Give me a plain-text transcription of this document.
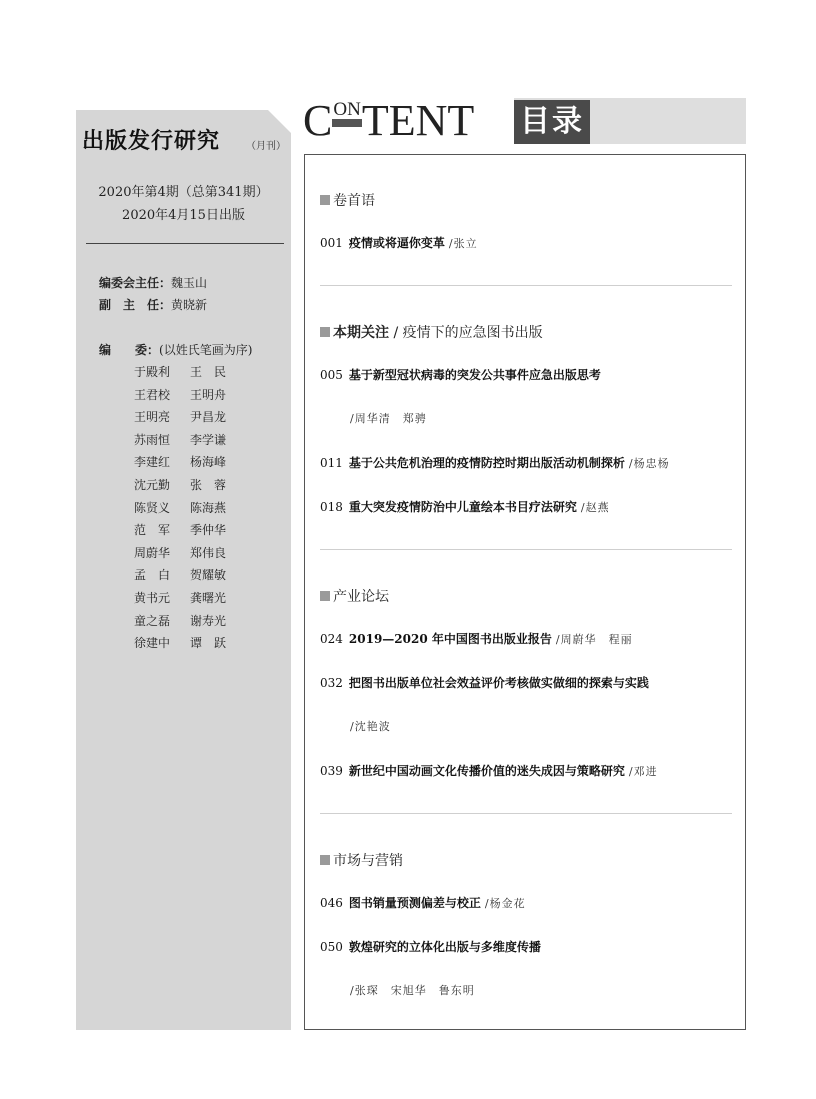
出版发行研究	（月刊）
2020年第4期（总第341期）
2020年4月15日出版
编委会主任：魏玉山
副　主　任：黄晓新
编　　委：(以姓氏笔画为序)
于殿利 王　民
王君校 王明舟
王明亮 尹昌龙
苏雨恒 李学谦
李建红 杨海峰
沈元勤 张　蓉
陈贤义 陈海燕
范　军 季仲华
周蔚华 郑伟良
孟　白 贺耀敏
黄书元 龚曙光
童之磊 谢寿光
徐建中 谭　跃
CONTENT 目录
卷首语
001 疫情或将逼你变革 /张立
本期关注 / 疫情下的应急图书出版
005 基于新型冠状病毒的突发公共事件应急出版思考
/周华清　郑骋
011 基于公共危机治理的疫情防控时期出版活动机制探析 /杨忠杨
018 重大突发疫情防治中儿童绘本书目疗法研究 /赵燕
产业论坛
024 2019—2020 年中国图书出版业报告 /周蔚华　程丽
032 把图书出版单位社会效益评价考核做实做细的探索与实践
/沈艳波
039 新世纪中国动画文化传播价值的迷失成因与策略研究 /邓进
市场与营销
046 图书销量预测偏差与校正 /杨金花
050 敦煌研究的立体化出版与多维度传播
/张琛　宋旭华　鲁东明
